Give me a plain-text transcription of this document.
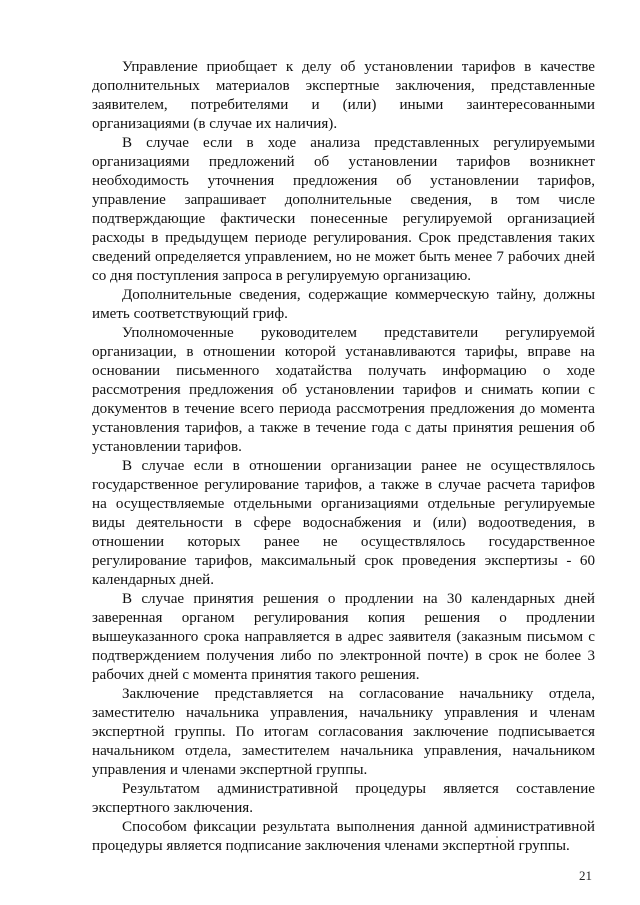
Управление приобщает к делу об установлении тарифов в качестве дополнительных материалов экспертные заключения, представленные заявителем, потребителями и (или) иными заинтересованными организациями (в случае их наличия).

В случае если в ходе анализа представленных регулируемыми организациями предложений об установлении тарифов возникнет необходимость уточнения предложения об установлении тарифов, управление запрашивает дополнительные сведения, в том числе подтверждающие фактически понесенные регулируемой организацией расходы в предыдущем периоде регулирования. Срок представления таких сведений определяется управлением, но не может быть менее 7 рабочих дней со дня поступления запроса в регулируемую организацию.

Дополнительные сведения, содержащие коммерческую тайну, должны иметь соответствующий гриф.

Уполномоченные руководителем представители регулируемой организации, в отношении которой устанавливаются тарифы, вправе на основании письменного ходатайства получать информацию о ходе рассмотрения предложения об установлении тарифов и снимать копии с документов в течение всего периода рассмотрения предложения до момента установления тарифов, а также в течение года с даты принятия решения об установлении тарифов.

В случае если в отношении организации ранее не осуществлялось государственное регулирование тарифов, а также в случае расчета тарифов на осуществляемые отдельными организациями отдельные регулируемые виды деятельности в сфере водоснабжения и (или) водоотведения, в отношении которых ранее не осуществлялось государственное регулирование тарифов, максимальный срок проведения экспертизы - 60 календарных дней.

В случае принятия решения о продлении на 30 календарных дней заверенная органом регулирования копия решения о продлении вышеуказанного срока направляется в адрес заявителя (заказным письмом с подтверждением получения либо по электронной почте) в срок не более 3 рабочих дней с момента принятия такого решения.

Заключение представляется на согласование начальнику отдела, заместителю начальника управления, начальнику управления и членам экспертной группы. По итогам согласования заключение подписывается начальником отдела, заместителем начальника управления, начальником управления и членами экспертной группы.

Результатом административной процедуры является составление экспертного заключения.

Способом фиксации результата выполнения данной административной процедуры является подписание заключения членами экспертной группы.

21
